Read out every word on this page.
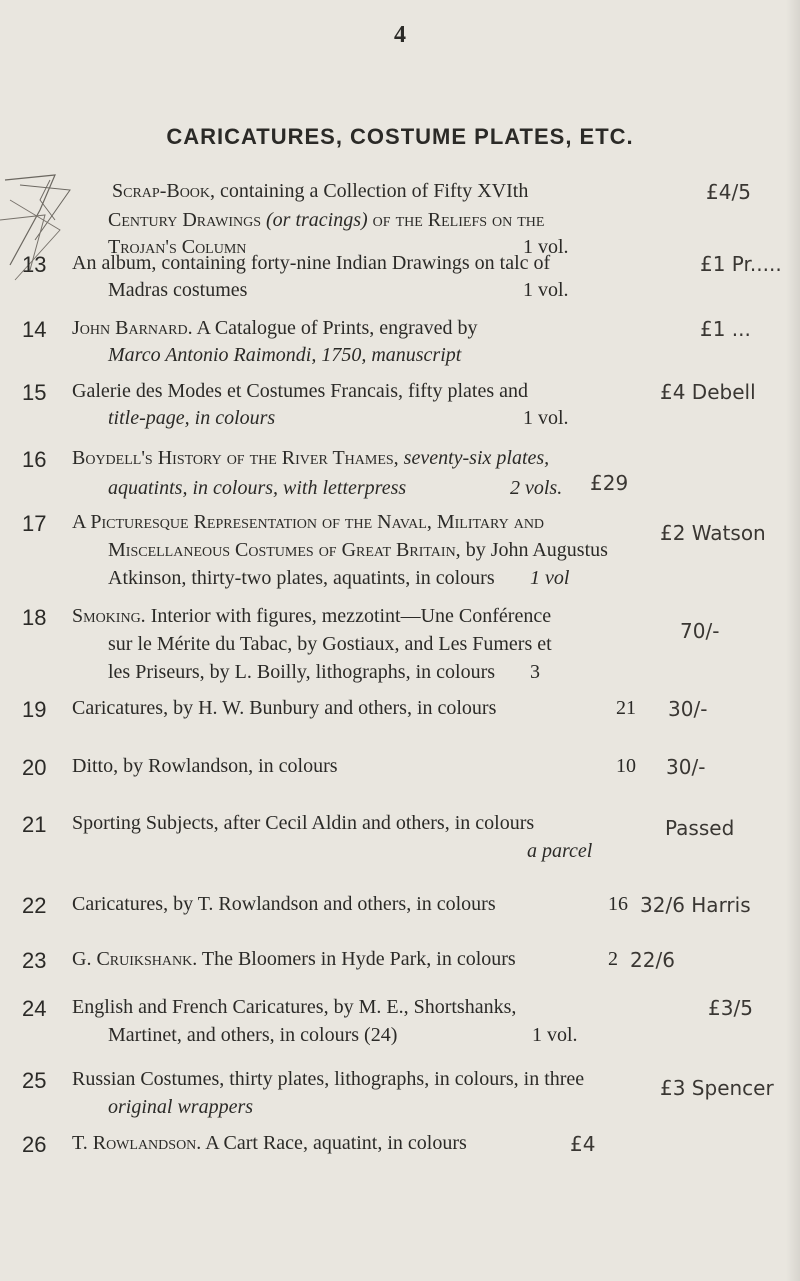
4
CARICATURES, COSTUME PLATES, ETC.
Scrap-Book, containing a Collection of Fifty XVIth
Century Drawings (or tracings) of the Reliefs on the
Trojan's Column	1 vol.
£4/5
13	An album, containing forty-nine Indian Drawings on talc of
Madras costumes	1 vol.
£1 Pr.....
14	John Barnard. A Catalogue of Prints, engraved by
Marco Antonio Raimondi, 1750, manuscript
£1 ...
15	Galerie des Modes et Costumes Francais, fifty plates and
title-page, in colours	1 vol.
£4 Debell
16	Boydell's History of the River Thames, seventy-six plates,
aquatints, in colours, with letterpress	2 vols. £29
17	A Picturesque Representation of the Naval, Military and
Miscellaneous Costumes of Great Britain, by John Augustus
Atkinson, thirty-two plates, aquatints, in colours 1 vol
£2 Watson
18	Smoking. Interior with figures, mezzotint—Une Conférence
sur le Mérite du Tabac, by Gostiaux, and Les Fumers et
les Priseurs, by L. Boilly, lithographs, in colours 3
70/-
19	Caricatures, by H. W. Bunbury and others, in colours	21 30/-
20	Ditto, by Rowlandson, in colours	10 30/-
21	Sporting Subjects, after Cecil Aldin and others, in colours
a parcel
Passed
22	Caricatures, by T. Rowlandson and others, in colours	16 32/6 Harris
23	G. Cruikshank. The Bloomers in Hyde Park, in colours	2 22/6
24	English and French Caricatures, by M. E., Shortshanks,
Martinet, and others, in colours (24)	1 vol.
£3/5
25	Russian Costumes, thirty plates, lithographs, in colours, in three
original wrappers
£3 Spencer
26	T. Rowlandson. A Cart Race, aquatint, in colours	£4
